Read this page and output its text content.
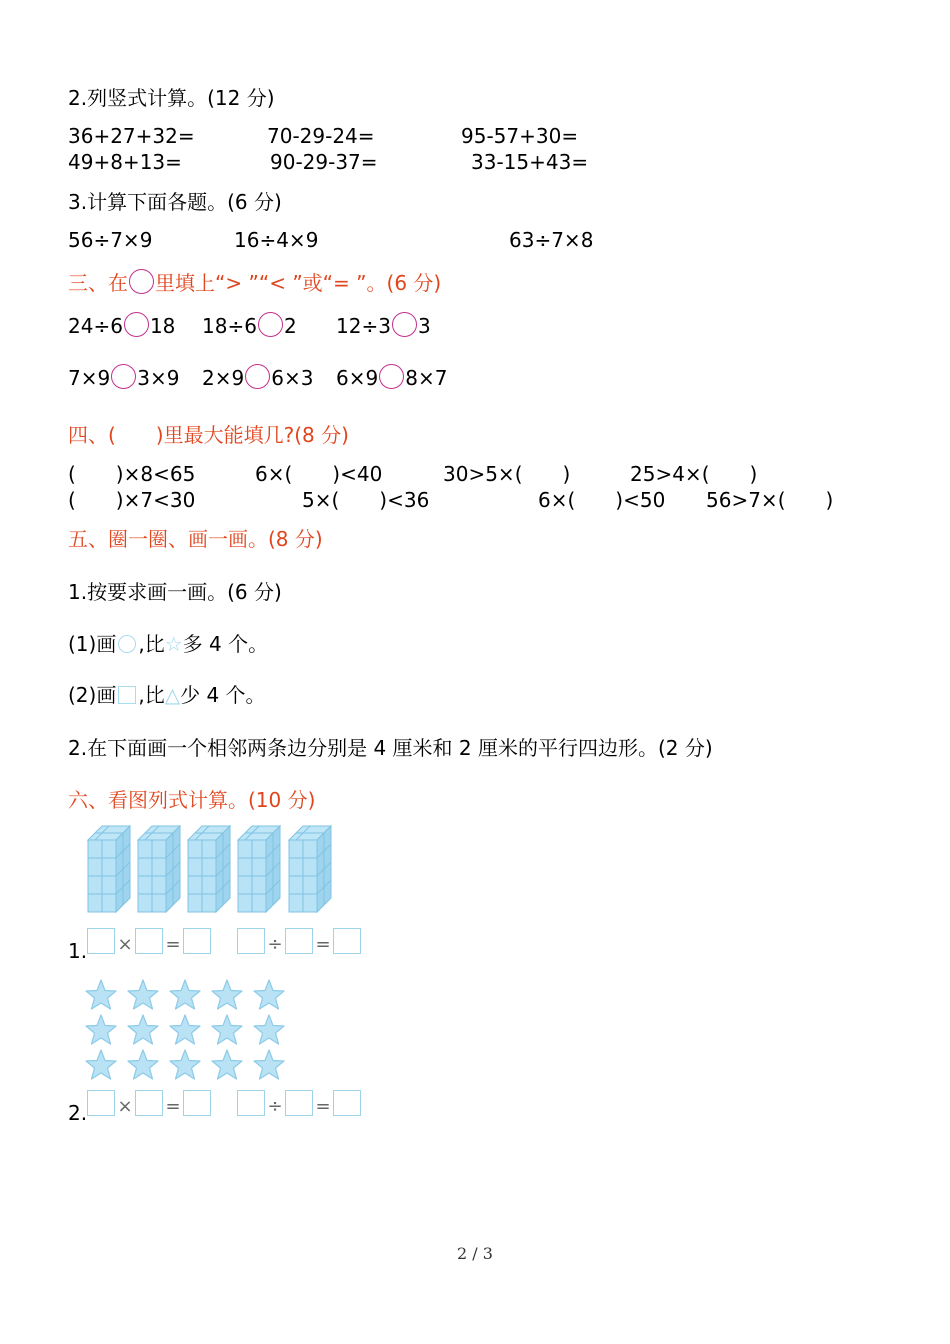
2.列竖式计算。(12 分)
36+27+32=	70-29-24=	95-57+30=
49+8+13=	90-29-37=	33-15+43=
3.计算下面各题。(6 分)
56÷7×9	16÷4×9	63÷7×8
三、在 里填上“> ”“< ”或“= ”。(6 分)
24÷6 18 18÷6 2 12÷3 3
7×9 3×9 2×9 6×3 6×9 8×7
四、(　　)里最大能填几?(8 分)
(　　)×8<65	6×(　　)<40	30>5×(　　)	25>4×(　　)
(　　)×7<30	5×(　　)<36	6×(　　)<50 56>7×(　　)
五、圈一圈、画一画。(8 分)
1.按要求画一画。(6 分)
(1)画 ,比☆多 4 个。
(2)画 ,比△少 4 个。
2.在下面画一个相邻两条边分别是 4 厘米和 2 厘米的平行四边形。(2 分)
六、看图列式计算。(10 分)
1. × =	÷ =
2. × =	÷ =
2 / 3
